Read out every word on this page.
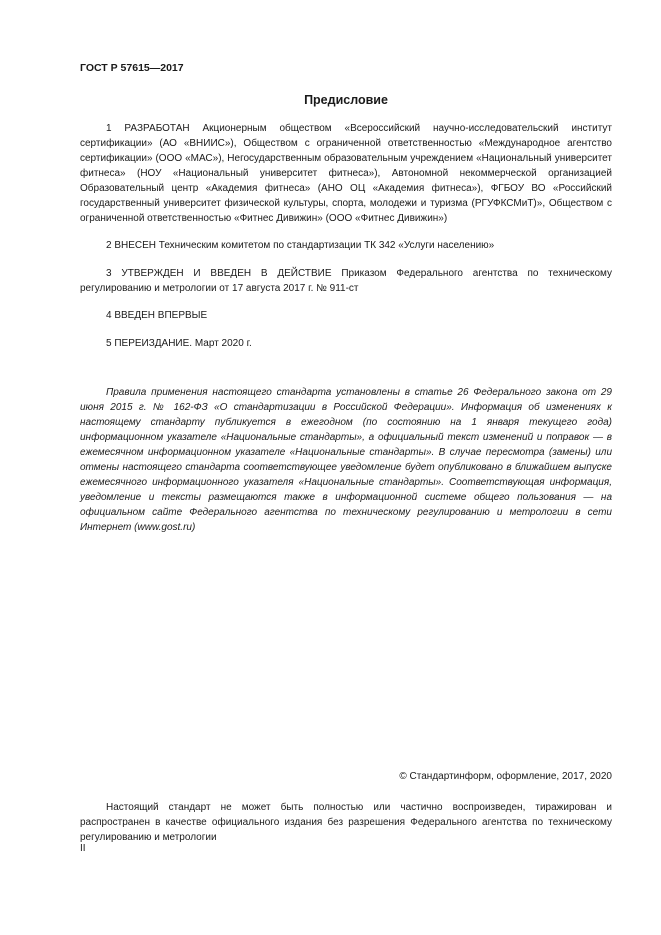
ГОСТ Р 57615—2017
Предисловие

1 РАЗРАБОТАН Акционерным обществом «Всероссийский научно-исследовательский институт сертификации» (АО «ВНИИС»), Обществом с ограниченной ответственностью «Международное агентство сертификации» (ООО «МАС»), Негосударственным образовательным учреждением «Национальный университет фитнеса» (НОУ «Национальный университет фитнеса»), Автономной некоммерческой организацией Образовательный центр «Академия фитнеса» (АНО ОЦ «Академия фитнеса»), ФГБОУ ВО «Российский государственный университет физической культуры, спорта, молодежи и туризма (РГУФКСМиТ)», Обществом с ограниченной ответственностью «Фитнес Дивижин» (ООО «Фитнес Дивижин»)

2 ВНЕСЕН Техническим комитетом по стандартизации ТК 342 «Услуги населению»

3 УТВЕРЖДЕН И ВВЕДЕН В ДЕЙСТВИЕ Приказом Федерального агентства по техническому регулированию и метрологии от 17 августа 2017 г. № 911-ст

4 ВВЕДЕН ВПЕРВЫЕ

5 ПЕРЕИЗДАНИЕ. Март 2020 г.

Правила применения настоящего стандарта установлены в статье 26 Федерального закона от 29 июня 2015 г. № 162-ФЗ «О стандартизации в Российской Федерации». Информация об изменениях к настоящему стандарту публикуется в ежегодном (по состоянию на 1 января текущего года) информационном указателе «Национальные стандарты», а официальный текст изменений и поправок — в ежемесячном информационном указателе «Национальные стандарты». В случае пересмотра (замены) или отмены настоящего стандарта соответствующее уведомление будет опубликовано в ближайшем выпуске ежемесячного информационного указателя «Национальные стандарты». Соответствующая информация, уведомление и тексты размещаются также в информационной системе общего пользования — на официальном сайте Федерального агентства по техническому регулированию и метрологии в сети Интернет (www.gost.ru)

© Стандартинформ, оформление, 2017, 2020

Настоящий стандарт не может быть полностью или частично воспроизведен, тиражирован и распространен в качестве официального издания без разрешения Федерального агентства по техническому регулированию и метрологии

II
